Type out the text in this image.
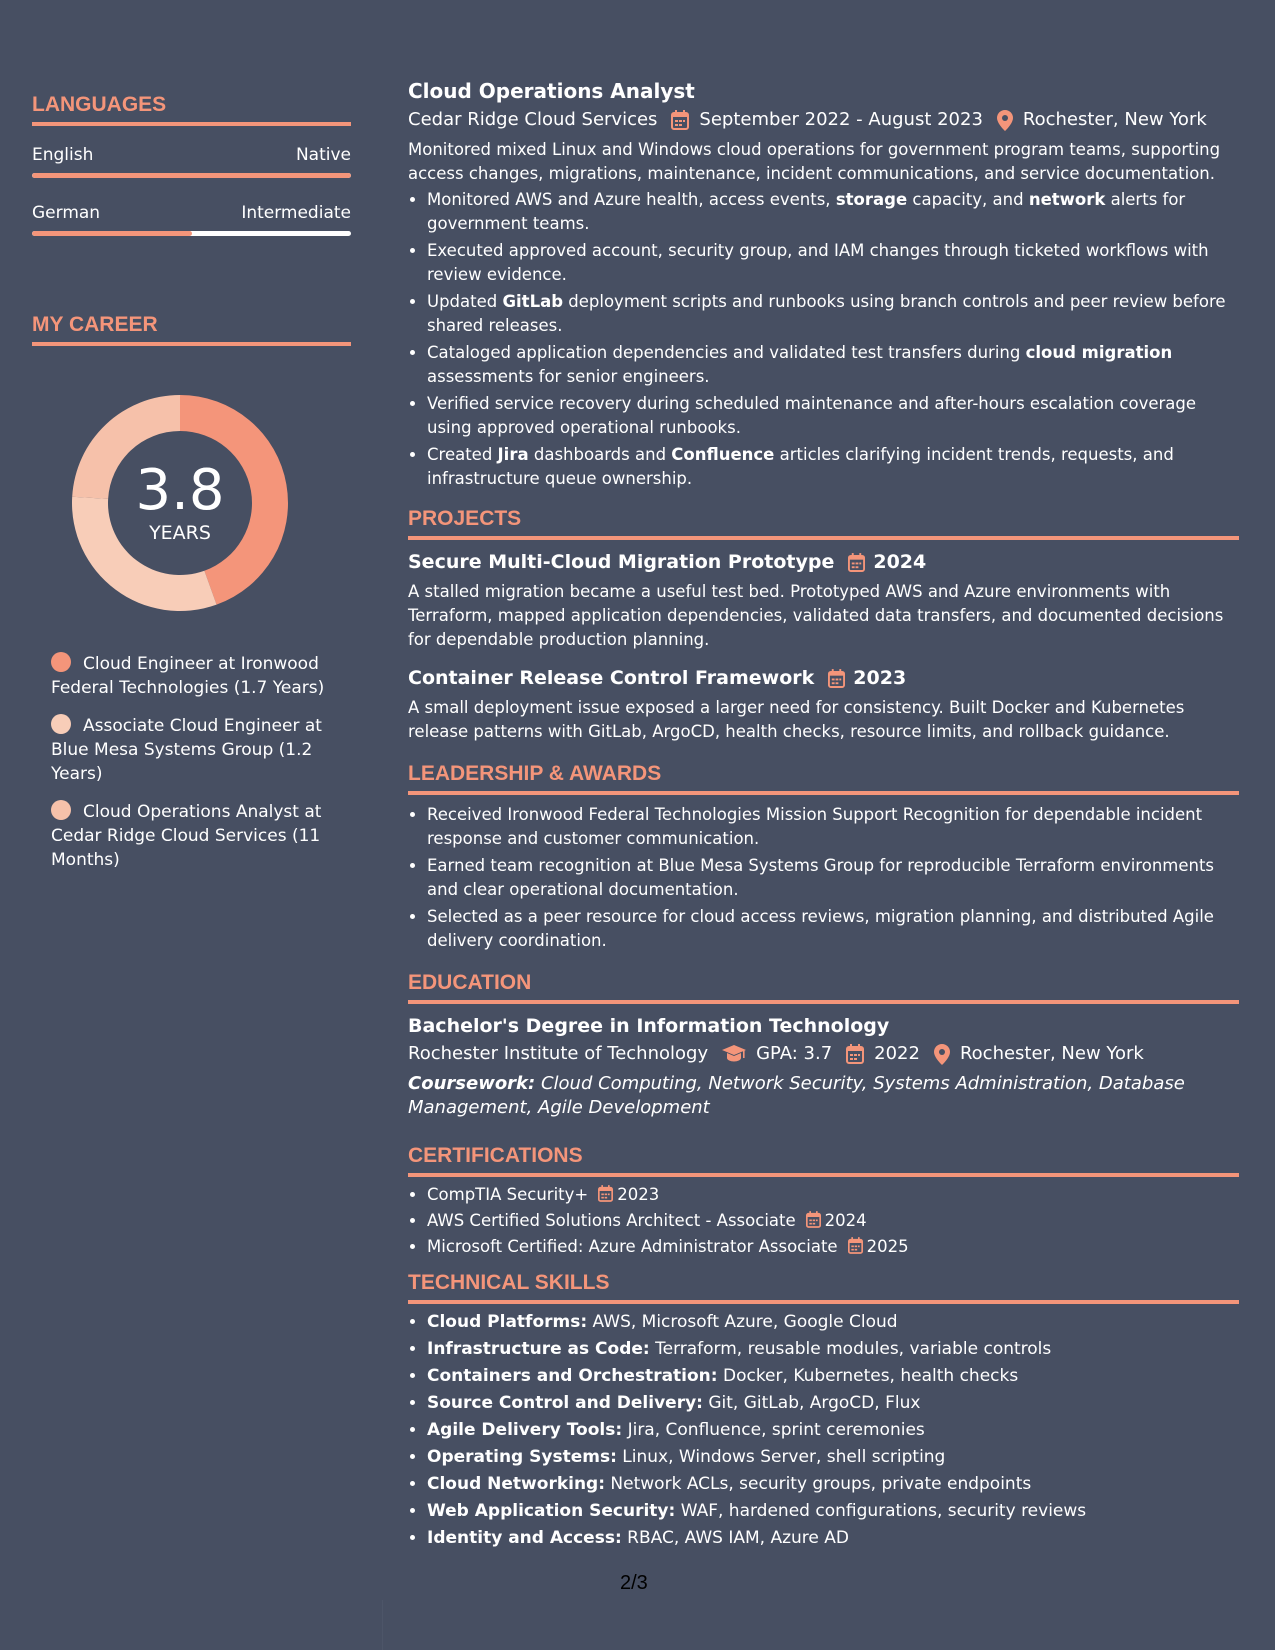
LANGUAGES
English	Native
German	Intermediate
MY CAREER
3.8
YEARS
Cloud Engineer at Ironwood Federal Technologies (1.7 Years)
Associate Cloud Engineer at Blue Mesa Systems Group (1.2 Years)
Cloud Operations Analyst at Cedar Ridge Cloud Services (11 Months)
Cloud Operations Analyst
Cedar Ridge Cloud Services September 2022 - August 2023 Rochester, New York

Monitored mixed Linux and Windows cloud operations for government program teams, supporting access changes, migrations, maintenance, incident communications, and service documentation.

• Monitored AWS and Azure health, access events, storage capacity, and network alerts for government teams.
• Executed approved account, security group, and IAM changes through ticketed workflows with review evidence.
• Updated GitLab deployment scripts and runbooks using branch controls and peer review before shared releases.
• Cataloged application dependencies and validated test transfers during cloud migration assessments for senior engineers.
• Verified service recovery during scheduled maintenance and after-hours escalation coverage using approved operational runbooks.
• Created Jira dashboards and Confluence articles clarifying incident trends, requests, and infrastructure queue ownership.
PROJECTS
Secure Multi-Cloud Migration Prototype 2024

A stalled migration became a useful test bed. Prototyped AWS and Azure environments with Terraform, mapped application dependencies, validated data transfers, and documented decisions for dependable production planning.

Container Release Control Framework 2023

A small deployment issue exposed a larger need for consistency. Built Docker and Kubernetes release patterns with GitLab, ArgoCD, health checks, resource limits, and rollback guidance.

LEADERSHIP & AWARDS
• Received Ironwood Federal Technologies Mission Support Recognition for dependable incident response and customer communication.
• Earned team recognition at Blue Mesa Systems Group for reproducible Terraform environments and clear operational documentation.
• Selected as a peer resource for cloud access reviews, migration planning, and distributed Agile delivery coordination.
EDUCATION
Bachelor's Degree in Information Technology
Rochester Institute of Technology	GPA: 3.7 2022 Rochester, New York
Coursework: Cloud Computing, Network Security, Systems Administration, Database Management, Agile Development
CERTIFICATIONS
• CompTIA Security+ 2023
• AWS Certified Solutions Architect - Associate 2024
• Microsoft Certified: Azure Administrator Associate 2025
TECHNICAL SKILLS
• Cloud Platforms: AWS, Microsoft Azure, Google Cloud
• Infrastructure as Code: Terraform, reusable modules, variable controls
• Containers and Orchestration: Docker, Kubernetes, health checks
• Source Control and Delivery: Git, GitLab, ArgoCD, Flux
• Agile Delivery Tools: Jira, Confluence, sprint ceremonies
• Operating Systems: Linux, Windows Server, shell scripting
• Cloud Networking: Network ACLs, security groups, private endpoints
• Web Application Security: WAF, hardened configurations, security reviews
• Identity and Access: RBAC, AWS IAM, Azure AD
2/3
